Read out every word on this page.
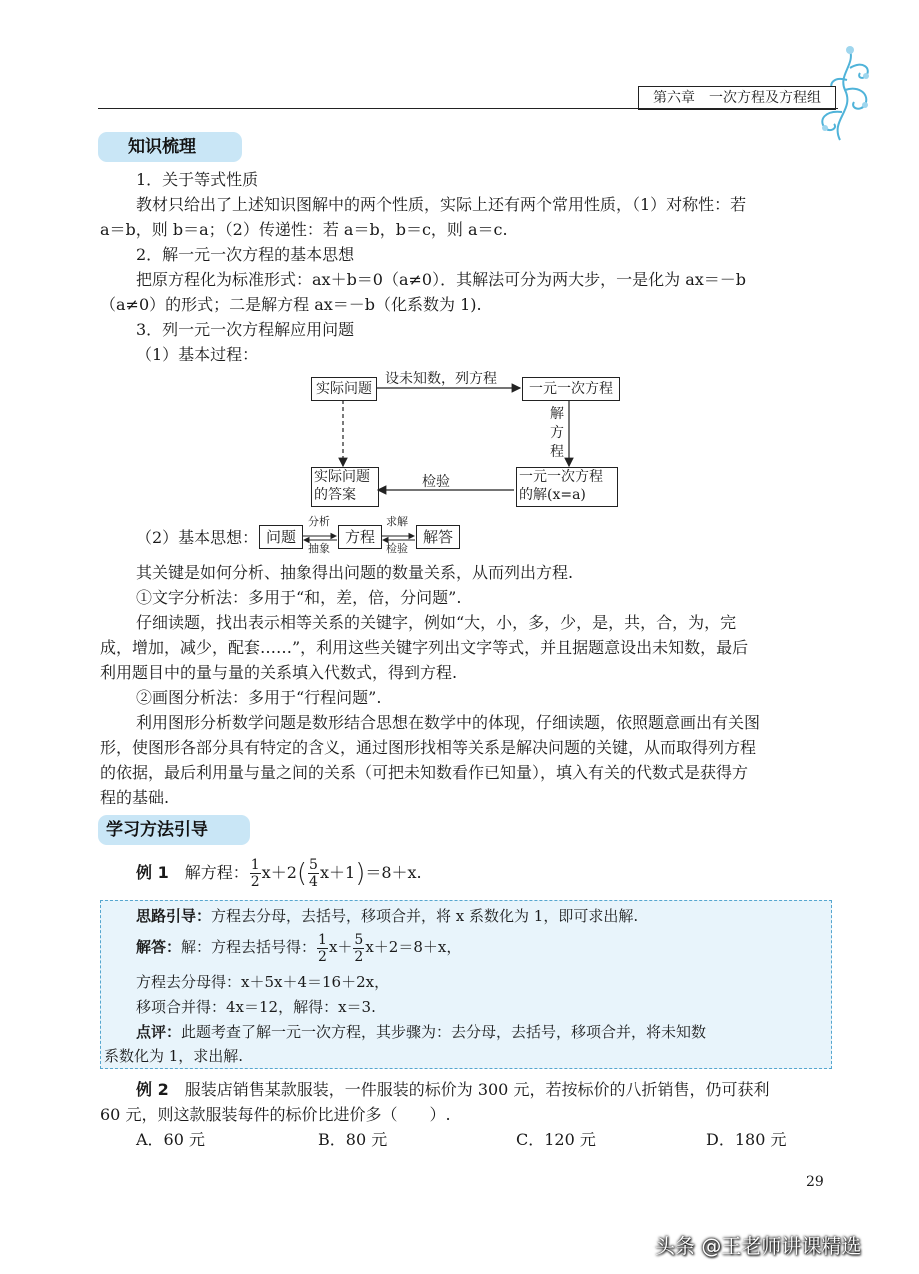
第六章　一次方程及方程组
知识梳理
1．关于等式性质
教材只给出了上述知识图解中的两个性质，实际上还有两个常用性质，（1）对称性：若
a＝b，则 b＝a；（2）传递性：若 a＝b，b＝c，则 a＝c.
2．解一元一次方程的基本思想
把原方程化为标准形式：ax＋b＝0（a≠0）．其解法可分为两大步，一是化为 ax＝－b
（a≠0）的形式；二是解方程 ax＝－b（化系数为 1).
3．列一元一次方程解应用问题
（1）基本过程：
实际问题	一元一次方程
实际问题
的答案
一元一次方程
的解(x=a)
设未知数，列方程
解
方
程
检验
（2）基本思想： 问题	方程	解答
分析
抽象
求解
检验
其关键是如何分析、抽象得出问题的数量关系，从而列出方程.
①文字分析法：多用于“和，差，倍，分问题”.
仔细读题，找出表示相等关系的关键字，例如“大，小，多，少，是，共，合，为，完
成，增加，减少，配套……”，利用这些关键字列出文字等式，并且据题意设出未知数，最后
利用题目中的量与量的关系填入代数式，得到方程.
②画图分析法：多用于“行程问题”.
利用图形分析数学问题是数形结合思想在数学中的体现，仔细读题，依照题意画出有关图
形，使图形各部分具有特定的含义，通过图形找相等关系是解决问题的关键，从而取得列方程
的依据，最后利用量与量之间的关系（可把未知数看作已知量），填入有关的代数式是获得方
程的基础.
学习方法引导
例 1　 解方程： $\frac{1}{2} x+2( \frac{5}{4} x+1)=8+x$.
思路引导：方程去分母，去括号，移项合并，将 x 系数化为 1，即可求出解.
解答：解：方程去括号得： $\frac{1}{2} x+ \frac{5}{2} x+2=8+x$，
方程去分母得：x＋5x＋4＝16＋2x，
移项合并得：4x＝12，解得：x＝3.
点评：此题考查了解一元一次方程，其步骤为：去分母，去括号，移项合并，将未知数
系数化为 1，求出解.
例 2　 服装店销售某款服装，一件服装的标价为 300 元，若按标价的八折销售，仍可获利
60 元，则这款服装每件的标价比进价多（　　）.
A．60 元	B．80 元	C．120 元	D．180 元
29
头条 @王老师讲课精选
